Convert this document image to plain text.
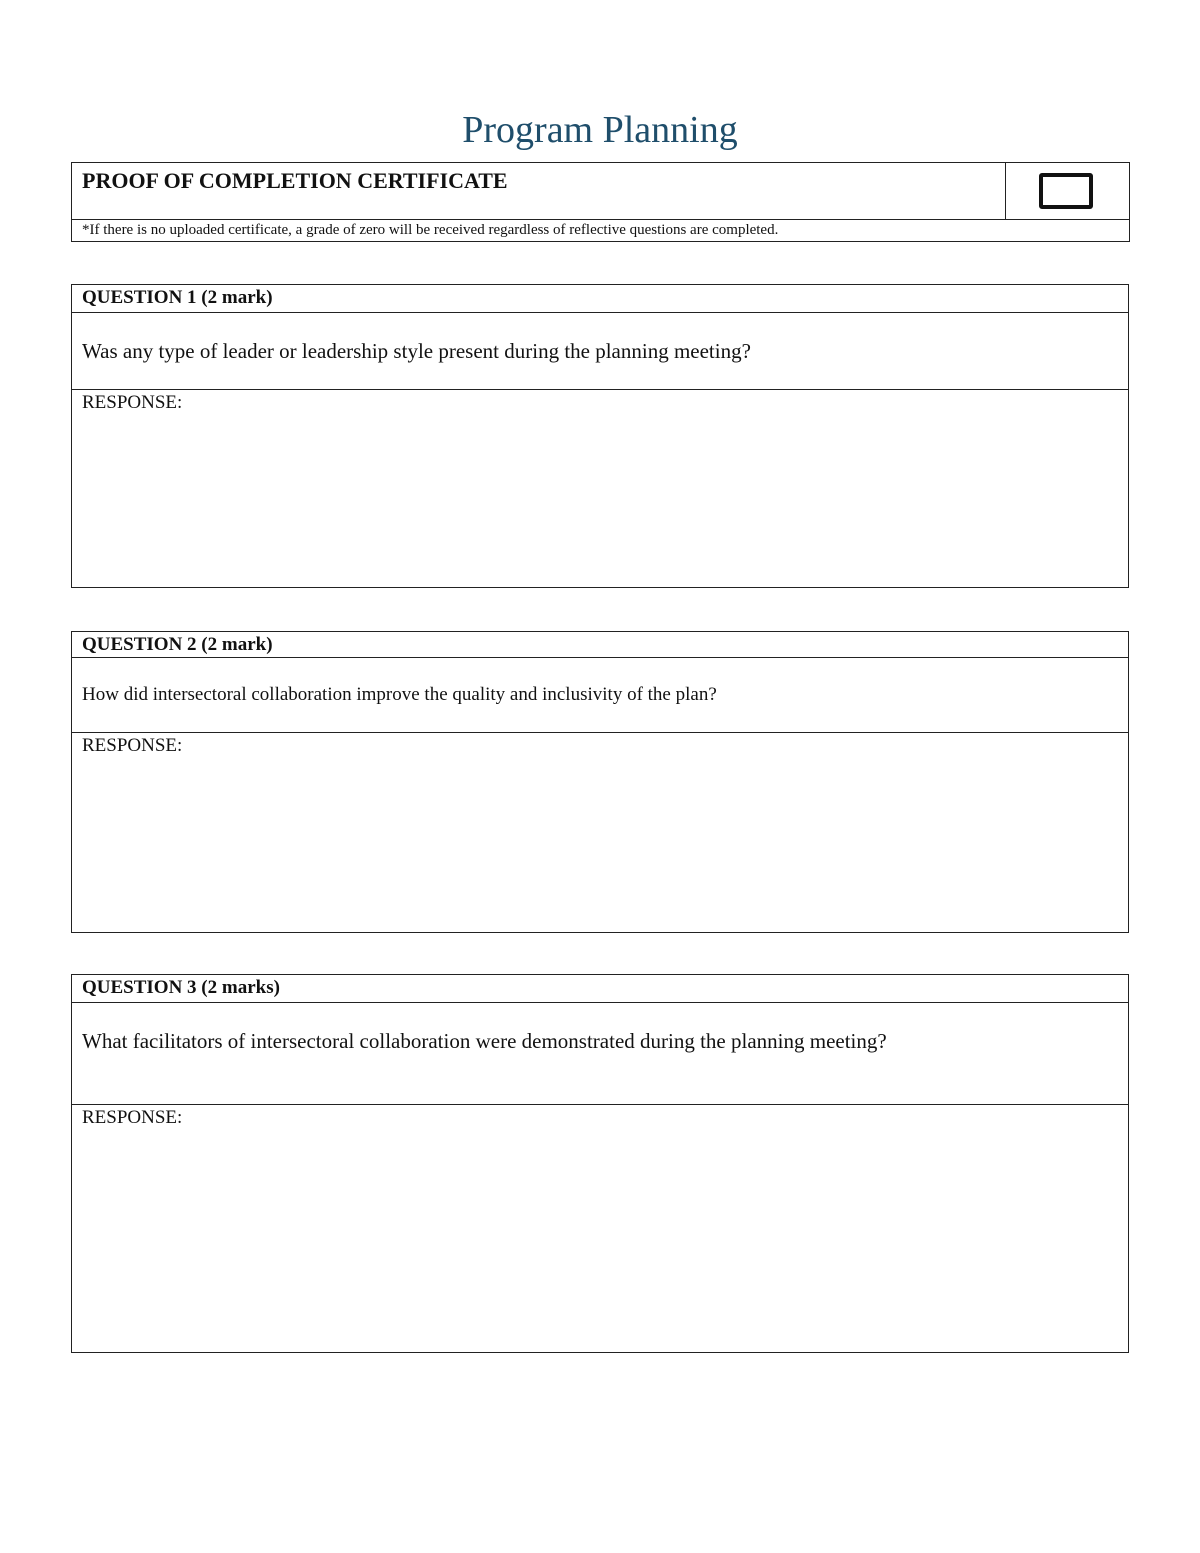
Program Planning
PROOF OF COMPLETION CERTIFICATE
*If there is no uploaded certificate, a grade of zero will be received regardless of reflective questions are completed.
QUESTION 1 (2 mark)
Was any type of leader or leadership style present during the planning meeting?
RESPONSE:
QUESTION 2 (2 mark)
How did intersectoral collaboration improve the quality and inclusivity of the plan?
RESPONSE:
QUESTION 3 (2 marks)
What facilitators of intersectoral collaboration were demonstrated during the planning meeting?
RESPONSE:
